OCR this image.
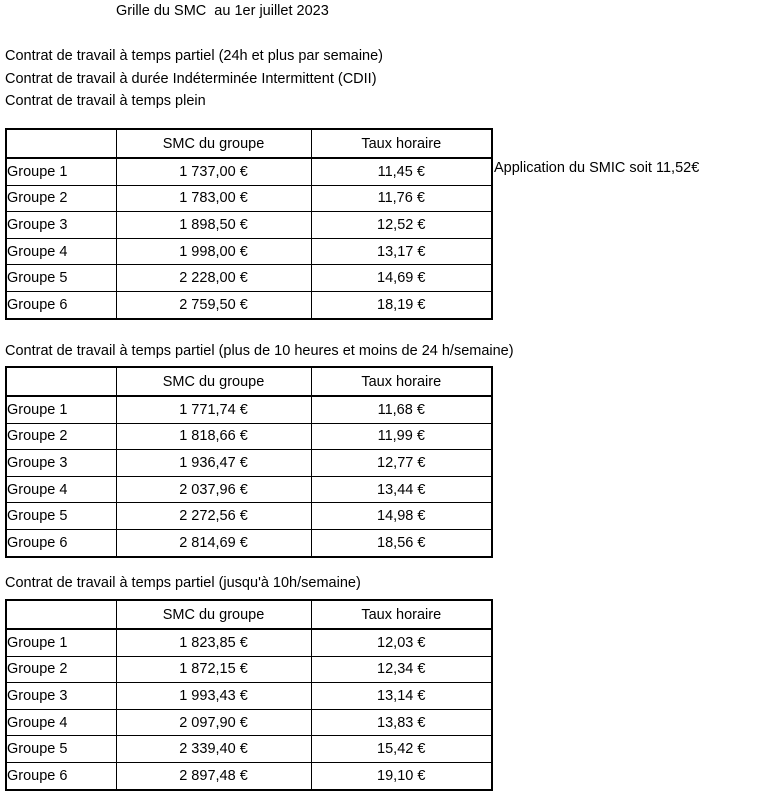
Grille du SMC  au 1er juillet 2023
Contrat de travail à temps partiel (24h et plus par semaine)
Contrat de travail à durée Indéterminée Intermittent (CDII)
Contrat de travail à temps plein
	SMC du groupe	Taux horaire
Groupe 1	1 737,00 €	11,45 €
Groupe 2	1 783,00 €	11,76 €
Groupe 3	1 898,50 €	12,52 €
Groupe 4	1 998,00 €	13,17 €
Groupe 5	2 228,00 €	14,69 €
Groupe 6	2 759,50 €	18,19 €
Application du SMIC soit 11,52€
Contrat de travail à temps partiel (plus de 10 heures et moins de 24 h/semaine)
	SMC du groupe	Taux horaire
Groupe 1	1 771,74 €	11,68 €
Groupe 2	1 818,66 €	11,99 €
Groupe 3	1 936,47 €	12,77 €
Groupe 4	2 037,96 €	13,44 €
Groupe 5	2 272,56 €	14,98 €
Groupe 6	2 814,69 €	18,56 €
Contrat de travail à temps partiel (jusqu'à 10h/semaine)
	SMC du groupe	Taux horaire
Groupe 1	1 823,85 €	12,03 €
Groupe 2	1 872,15 €	12,34 €
Groupe 3	1 993,43 €	13,14 €
Groupe 4	2 097,90 €	13,83 €
Groupe 5	2 339,40 €	15,42 €
Groupe 6	2 897,48 €	19,10 €
